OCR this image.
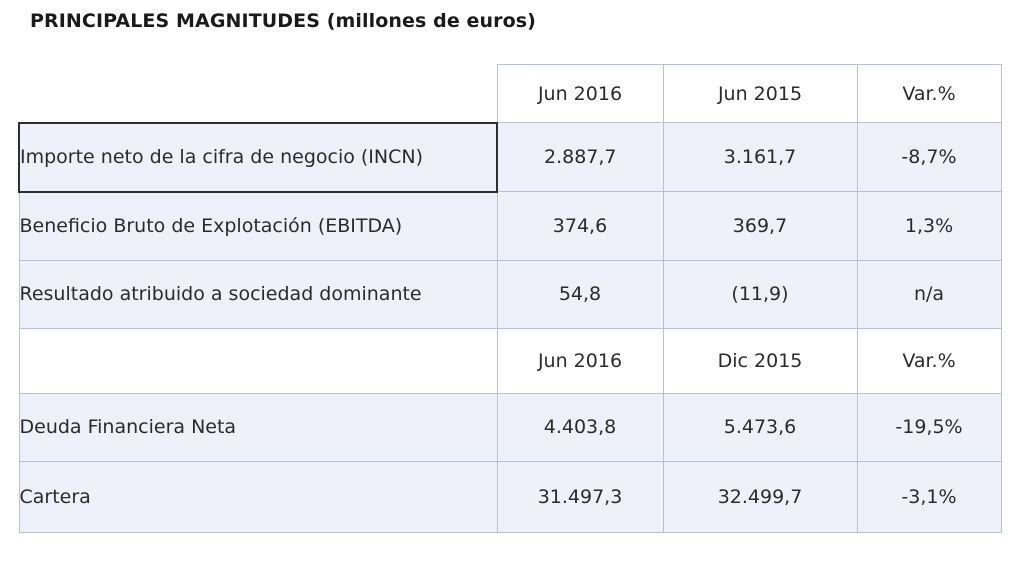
PRINCIPALES MAGNITUDES (millones de euros)
	Jun 2016	Jun 2015	Var.%
Importe neto de la cifra de negocio (INCN)	2.887,7	3.161,7	-8,7%
Beneficio Bruto de Explotación (EBITDA)	374,6	369,7	1,3%
Resultado atribuido a sociedad dominante	54,8	(11,9)	n/a
	Jun 2016	Dic 2015	Var.%
Deuda Financiera Neta	4.403,8	5.473,6	-19,5%
Cartera	31.497,3	32.499,7	-3,1%
